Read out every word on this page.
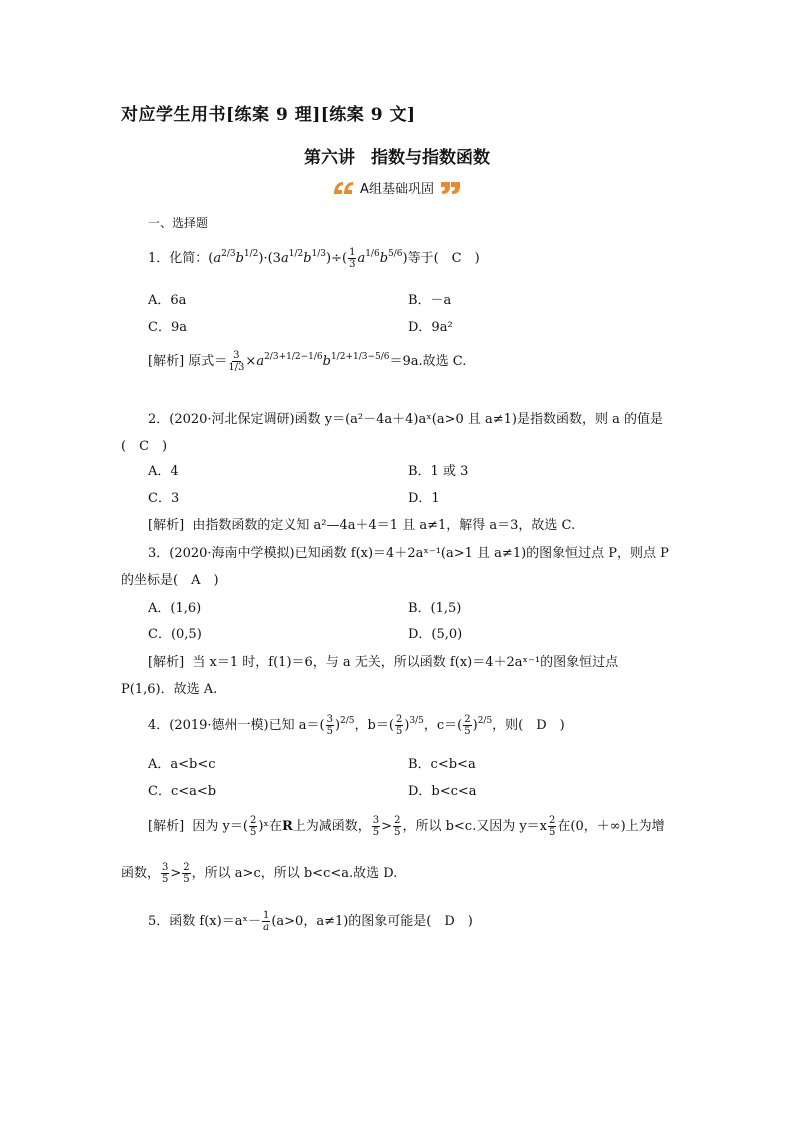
对应学生用书[练案 9 理][练案 9 文]
第六讲 指数与指数函数
A组基础巩固
一、选择题
1．化简：$(a^{2/3}b^{1/2})\cdot(3a^{1/2}b^{1/3})\div( \frac{1}{3} a^{1/6}b^{5/6})$等于(　C　)
A．6a	B．－a
C．9a	D．9a²
[解析] 原式＝ $\frac{3}{1/3} \times a^{2/3+1/2-1/6}b^{1/2+1/3-5/6}=9a$.故选 C.
2．(2020·河北保定调研)函数 y＝(a²－4a＋4)aˣ(a>0 且 a≠1)是指数函数，则 a 的值是
(　C　)
A．4	B．1 或 3
C．3	D．1
[解析] 由指数函数的定义知 a²—4a＋4＝1 且 a≠1，解得 a＝3，故选 C.
3．(2020·海南中学模拟)已知函数 f(x)＝4＋2aˣ⁻¹(a>1 且 a≠1)的图象恒过点 P，则点 P
的坐标是(　A　)
A．(1,6)	B．(1,5)
C．(0,5)	D．(5,0)
[解析] 当 x＝1 时，f(1)＝6，与 a 无关，所以函数 f(x)＝4＋2aˣ⁻¹的图象恒过点
P(1,6)．故选 A.
4．(2019·德州一模)已知 $a=( \frac{3}{5} )^{2/5}$，$b=( \frac{2}{5} )^{3/5}$，$c=( \frac{2}{5} )^{2/5}$，则(　D　)
A．a<b<c	B．c<b<a
C．c<a<b	D．b<c<a
[解析] 因为 $y=( \frac{2}{5}$ )ˣ在R上为减函数， $\frac{3}{5} > \frac{2}{5}$ ，所以 b<c.又因为 $y=x \frac{2}{5}$ 在(0，＋∞)上为增
函数， $\frac{3}{5} > \frac{2}{5}$ ，所以 a>c，所以 b<c<a.故选 D.
5．函数 f(x)＝aˣ－ $\frac{1}{a} (a>0$，a≠1)的图象可能是(　D　)
